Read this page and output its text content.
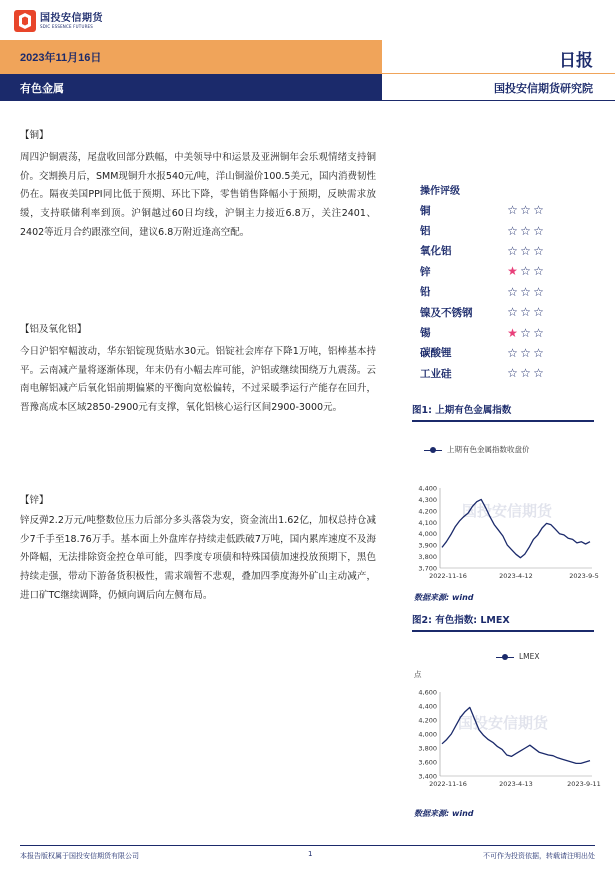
国投安信期货
SDIC ESSENCE FUTURES
2023年11月16日	日报
有色金属	国投安信期货研究院
【铜】
周四沪铜震荡，尾盘收回部分跌幅，中美领导中和运景及亚洲铜年会乐观情绪支持铜价。交割换月后，SMM现铜升水报540元/吨，洋山铜溢价100.5美元，国内消费韧性仍在。隔夜美国PPI同比低于预期、环比下降，零售销售降幅小于预期，反映需求放缓，支持联储利率到顶。沪铜越过60日均线，沪铜主力接近6.8万，关注2401、2402等近月合约跟涨空间，建议6.8万附近逢高空配。
【铝及氧化铝】
今日沪铝窄幅波动，华东铝锭现货贴水30元。铝锭社会库存下降1万吨，铝棒基本持平。云南减产量将逐渐体现，年末仍有小幅去库可能，沪铝或继续围绕万九震荡。云南电解铝减产后氧化铝前期偏紧的平衡向宽松偏转，不过采暖季运行产能存在回升，晋豫高成本区域2850-2900元有支撑，氧化铝核心运行区间2900-3000元。
【锌】
锌反弹2.2万元/吨整数位压力后部分多头落袋为安，资金流出1.62亿，加权总持仓减少7千手至18.76万手。基本面上外盘库存持续走低跌破7万吨，国内累库速度不及海外降幅，无法排除资金控仓单可能，四季度专项债和特殊国债加速投放预期下，黑色持续走强，带动下游备货积极性，需求端暂不悲观，叠加四季度海外矿山主动减产，进口矿TC继续调降，仍倾向调后向左侧布局。
操作评级
铜	☆ ☆ ☆
铝	☆ ☆ ☆
氧化铝	☆ ☆ ☆
锌	★ ☆ ☆
铅	☆ ☆ ☆
镍及不锈钢	☆ ☆ ☆
锡	★ ☆ ☆
碳酸锂	☆ ☆ ☆
工业硅	☆ ☆ ☆
图1: 上期有色金属指数
上期有色金属指数收盘价
4,400
4,300
4,200
4,100
4,000
3,900
3,800
3,700
2022-11-16	2023-4-12	2023-9-5
国投安信期货
数据来源: wind
图2: 有色指数: LMEX
LMEX
点
4,600
4,400
4,200
4,000
3,800
3,600
3,400
2022-11-16	2023-4-13	2023-9-11
国投安信期货
数据来源: wind
本报告版权属于国投安信期货有限公司	1	不可作为投资依据，转载请注明出处
